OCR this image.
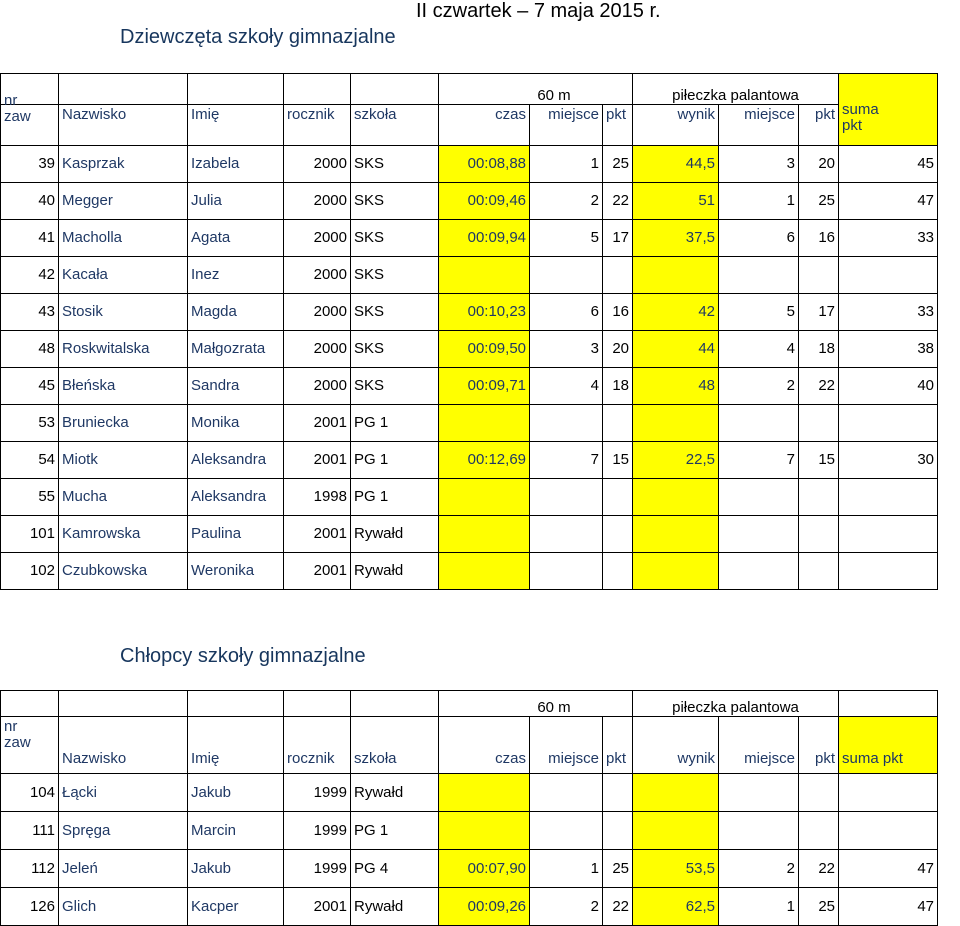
II czwartek – 7 maja 2015 r.
Dziewczęta szkoły gimnazjalne
					60 m			piłeczka palantowa			suma
pkt

nr
zaw	Nazwisko	Imię	rocznik	szkoła	czas	miejsce	pkt	wynik	miejsce	pkt	
39	Kasprzak	Izabela	2000	SKS	00:08,88	1	25	44,5	3	20	45
40	Megger	Julia	2000	SKS	00:09,46	2	22	51	1	25	47
41	Macholla	Agata	2000	SKS	00:09,94	5	17	37,5	6	16	33
42	Kacała	Inez	2000	SKS							
43	Stosik	Magda	2000	SKS	00:10,23	6	16	42	5	17	33
48	Roskwitalska	Małgozrata	2000	SKS	00:09,50	3	20	44	4	18	38
45	Błeńska	Sandra	2000	SKS	00:09,71	4	18	48	2	22	40
53	Bruniecka	Monika	2001	PG 1							
54	Miotk	Aleksandra	2001	PG 1	00:12,69	7	15	22,5	7	15	30
55	Mucha	Aleksandra	1998	PG 1							
101	Kamrowska	Paulina	2001	Rywałd							
102	Czubkowska	Weronika	2001	Rywałd							
Chłopcy szkoły gimnazjalne
					60 m			piłeczka palantowa			

nr
zaw	Nazwisko	Imię	rocznik	szkoła	czas	miejsce	pkt	wynik	miejsce	pkt	suma pkt
104	Łącki	Jakub	1999	Rywałd							
111	Spręga	Marcin	1999	PG 1							
112	Jeleń	Jakub	1999	PG 4	00:07,90	1	25	53,5	2	22	47
126	Glich	Kacper	2001	Rywałd	00:09,26	2	22	62,5	1	25	47
